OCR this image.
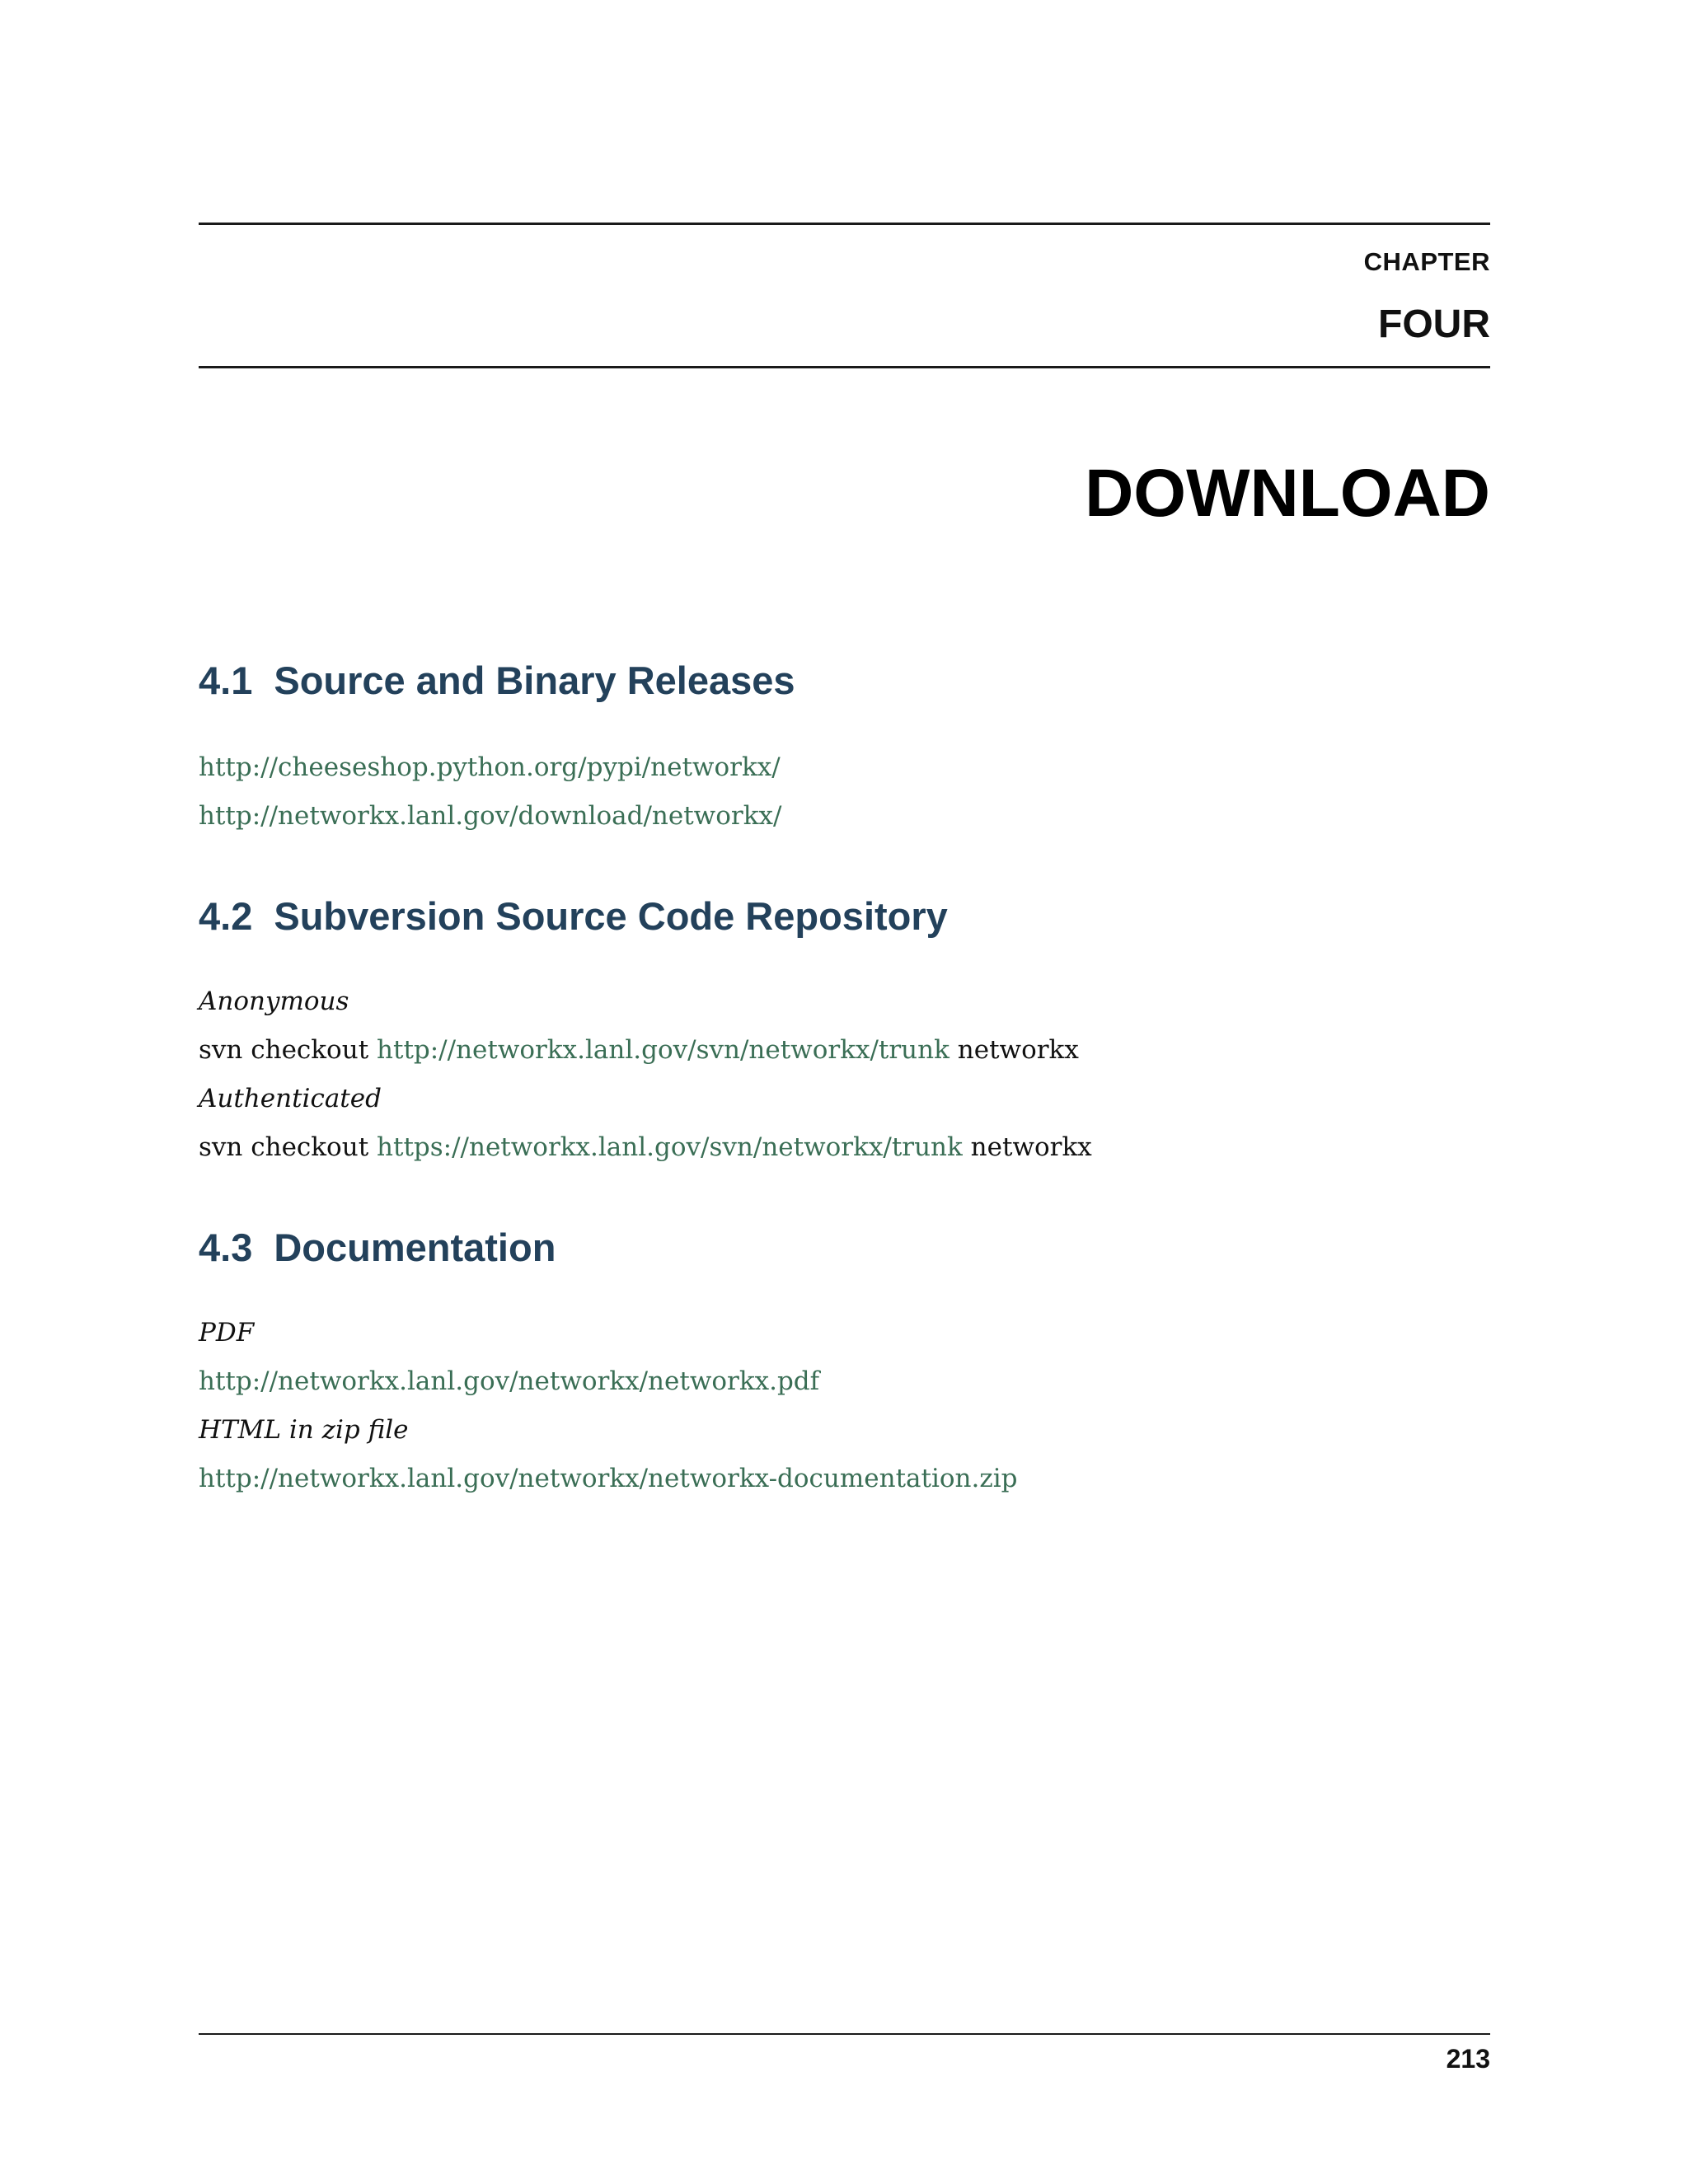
CHAPTER
FOUR
DOWNLOAD
4.1 Source and Binary Releases
http://cheeseshop.python.org/pypi/networkx/
http://networkx.lanl.gov/download/networkx/
4.2 Subversion Source Code Repository
Anonymous
svn checkout http://networkx.lanl.gov/svn/networkx/trunk networkx
Authenticated
svn checkout https://networkx.lanl.gov/svn/networkx/trunk networkx
4.3 Documentation
PDF
http://networkx.lanl.gov/networkx/networkx.pdf
HTML in zip file
http://networkx.lanl.gov/networkx/networkx-documentation.zip
213
